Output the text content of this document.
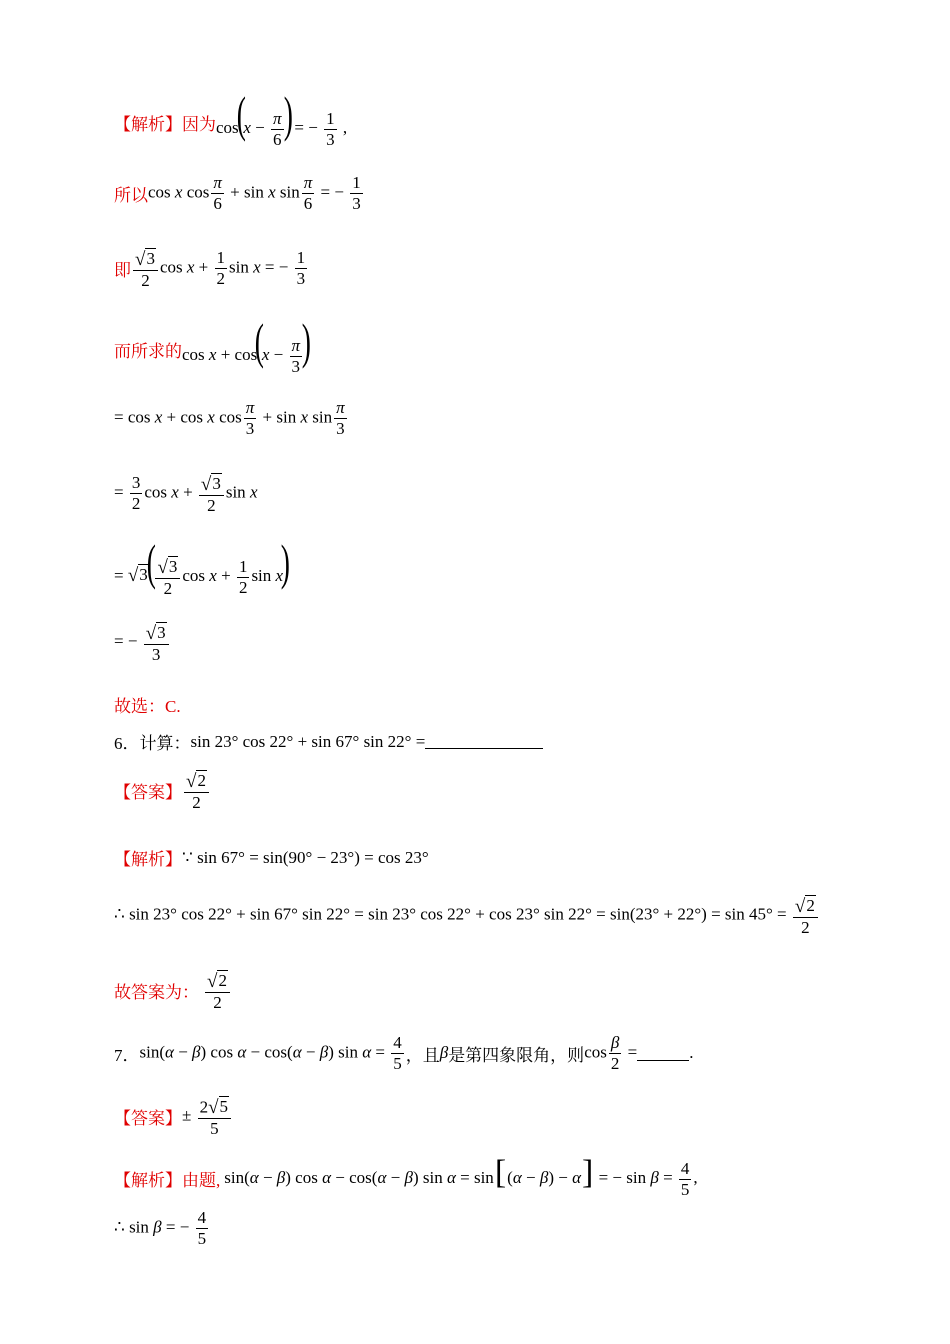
【解析】 因为 $\cos(x - \frac{\pi}{6}$ ) = − $\frac{1}{3}$ ,
所以 cos x $\cos \frac{\pi}{6} + \sin x$ $\sin \frac{\pi}{6}$ = − $\frac{1}{3}$
即 $\frac{√ 3}{2}$ $\cos x + \frac{1}{2}$ sin x = − $\frac{1}{3}$
而所求的 $\cos x + \cos(x - \frac{\pi}{3}$ )
= cos x + cos x $\cos \frac{\pi}{3} + \sin x$ $\sin \frac{\pi}{3}$
= $\frac{3}{2}$ $\cos x + \frac{√ 3}{2}$ sin x
= √ 3
( $\frac{√ 3}{2}$ $\cos x + \frac{1}{2}$ sin x)
= − $\frac{√ 3}{3}$
故选：C.
6． 计算： sin 23° cos 22° + sin 67° sin 22° =
【答案】 $\frac{√ 2}{2}$
【解析】 ∵ sin 67° = sin(90° − 23°) = cos 23°
∴ sin 23° cos 22° + sin 67° sin 22° = sin 23° cos 22° + cos 23° $\sin 22^\circ = \sin(23^\circ + 22^\circ) = \sin 45^\circ = \frac{√ 2}{2}$
故答案为： $\frac{√ 2}{2}$
7． sin(α − β) cos α − cos(α − β) $\sin \alpha = \frac{4}{5}$ ，且 β 是第四象限角，则 $\cos \frac{\beta}{2}$ =	.
【答案】 ± $\frac{2 √ 5}{5}$
【解析】 由题, sin(α − β) cos α − cos(α − β) sin α = sin[(α − β) − α] = − $\sin \beta = \frac{4}{5}$ ,
∴ sin β = − $\frac{4}{5}$
